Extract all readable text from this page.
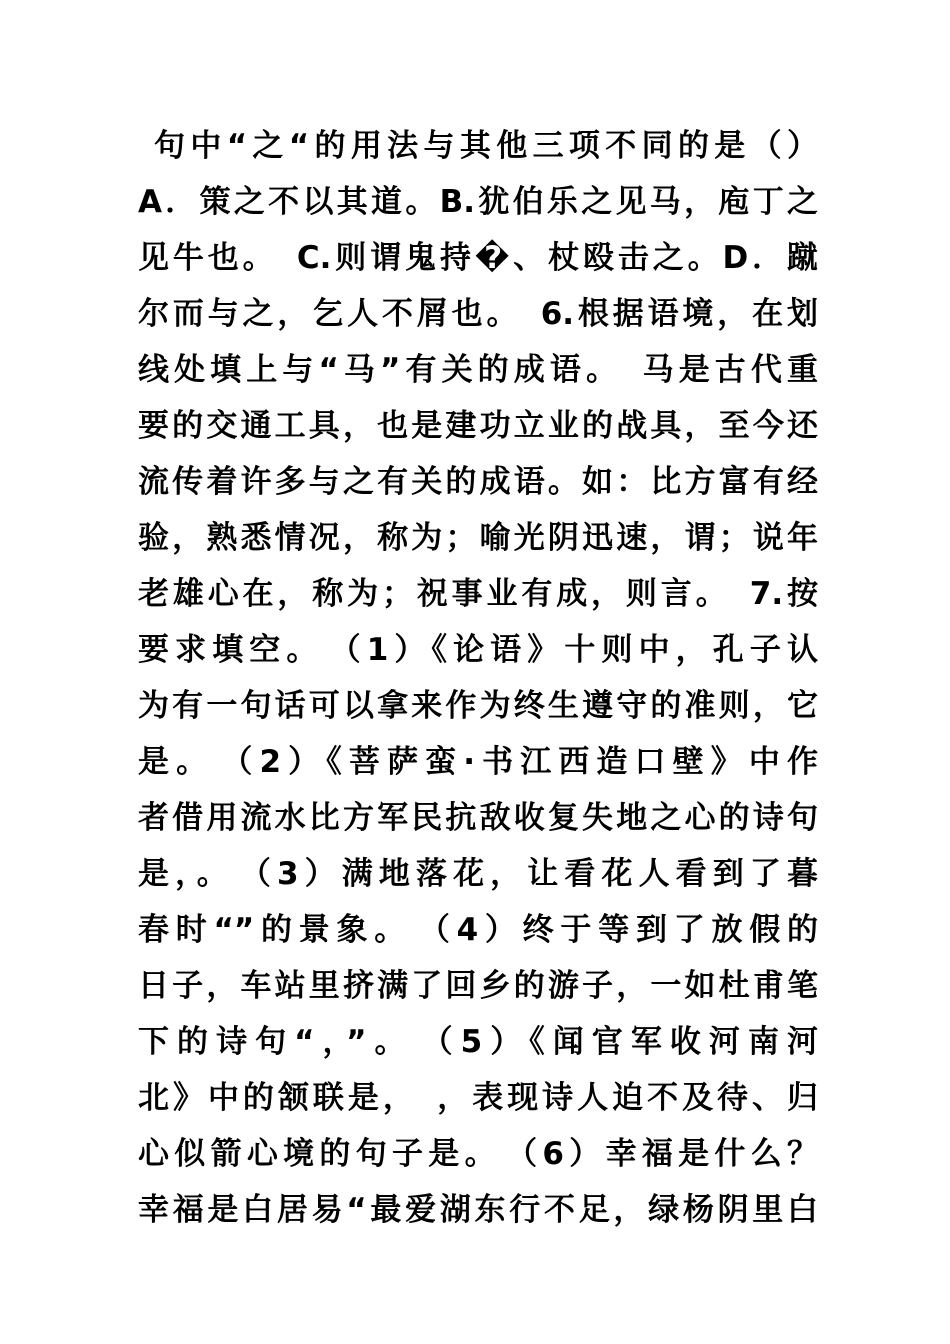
句中“之“的用法与其他三项不同的是（）
A．策之不以其道。B.犹伯乐之见马，庖丁之
见牛也。　C.则谓鬼持�、杖殴击之。D．蹴
尔而与之，乞人不屑也。　6.根据语境，在划
线处填上与“马”有关的成语。　马是古代重
要的交通工具，也是建功立业的战具，至今还
流传着许多与之有关的成语。如：比方富有经
验，熟悉情况，称为；喻光阴迅速，谓；说年
老雄心在，称为；祝事业有成，则言。　7.按
要求填空。　（1）《论语》十则中，孔子认
为有一句话可以拿来作为终生遵守的准则，它
是。　（2）《菩萨蛮·书江西造口壁》中作
者借用流水比方军民抗敌收复失地之心的诗句
是，。　（3）满地落花，让看花人看到了暮
春时“”的景象。　（4）终于等到了放假的
日子，车站里挤满了回乡的游子，一如杜甫笔
下的诗句“，”。　（5）《闻官军收河南河
北》中的颔联是，　，表现诗人迫不及待、归
心似箭心境的句子是。　（6）幸福是什么？
幸福是白居易“最爱湖东行不足，绿杨阴里白
